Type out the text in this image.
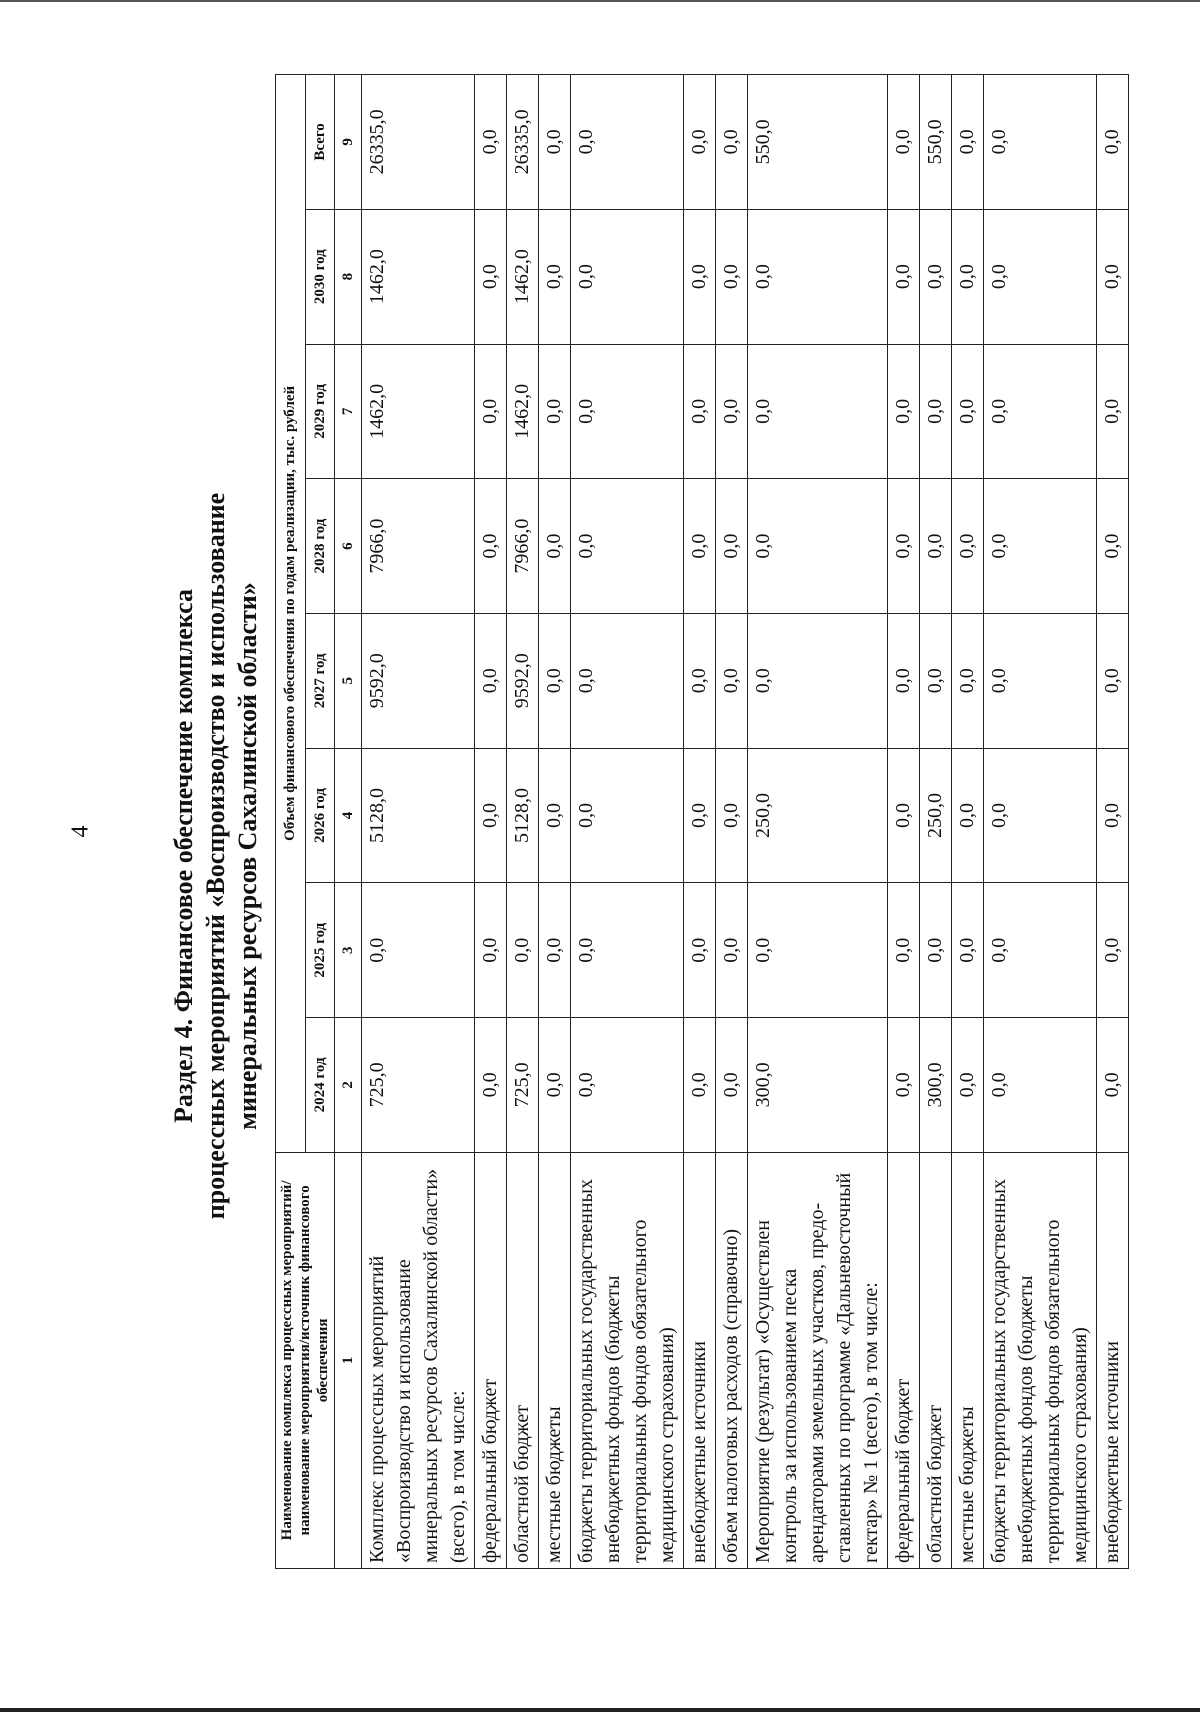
4	Раздел 4. Финансовое обеспечение комплекса процессных мероприятий «Воспроизводство и использование минеральных ресурсов Сахалинской области»
Наименование комплекса процессных мероприятий/наименование мероприятия/источник финансового обеспечения	Объем финансового обеспечения по годам реализации, тыс. рублей							
	2024 год	2025 год	2026 год	2027 год	2028 год	2029 год	2030 год	Всего
1	2	3	4	5	6	7	8	9
Комплекс процессных мероприятий «Воспроизводство и использование минеральных ресурсов Сахалинской области» (всего), в том числе:	725,0	0,0	5128,0	9592,0	7966,0	1462,0	1462,0	26335,0
федеральный бюджет	0,0	0,0	0,0	0,0	0,0	0,0	0,0	0,0
областной бюджет	725,0	0,0	5128,0	9592,0	7966,0	1462,0	1462,0	26335,0
местные бюджеты	0,0	0,0	0,0	0,0	0,0	0,0	0,0	0,0
бюджеты территориальных государственных внебюджетных фондов (бюджеты территориальных фондов обязательного медицинского страхования)	0,0	0,0	0,0	0,0	0,0	0,0	0,0	0,0
внебюджетные источники	0,0	0,0	0,0	0,0	0,0	0,0	0,0	0,0
объем налоговых расходов (справочно)	0,0	0,0	0,0	0,0	0,0	0,0	0,0	0,0
Мероприятие (результат) «Осуществлен контроль за использованием песка арендаторами земельных участков, предоставленных по программе «Дальневосточный гектар» № 1 (всего), в том числе:	300,0	0,0	250,0	0,0	0,0	0,0	0,0	550,0
федеральный бюджет	0,0	0,0	0,0	0,0	0,0	0,0	0,0	0,0
областной бюджет	300,0	0,0	250,0	0,0	0,0	0,0	0,0	550,0
местные бюджеты	0,0	0,0	0,0	0,0	0,0	0,0	0,0	0,0
бюджеты территориальных государственных внебюджетных фондов (бюджеты территориальных фондов обязательного медицинского страхования)	0,0	0,0	0,0	0,0	0,0	0,0	0,0	0,0
внебюджетные источники	0,0	0,0	0,0	0,0	0,0	0,0	0,0	0,0
